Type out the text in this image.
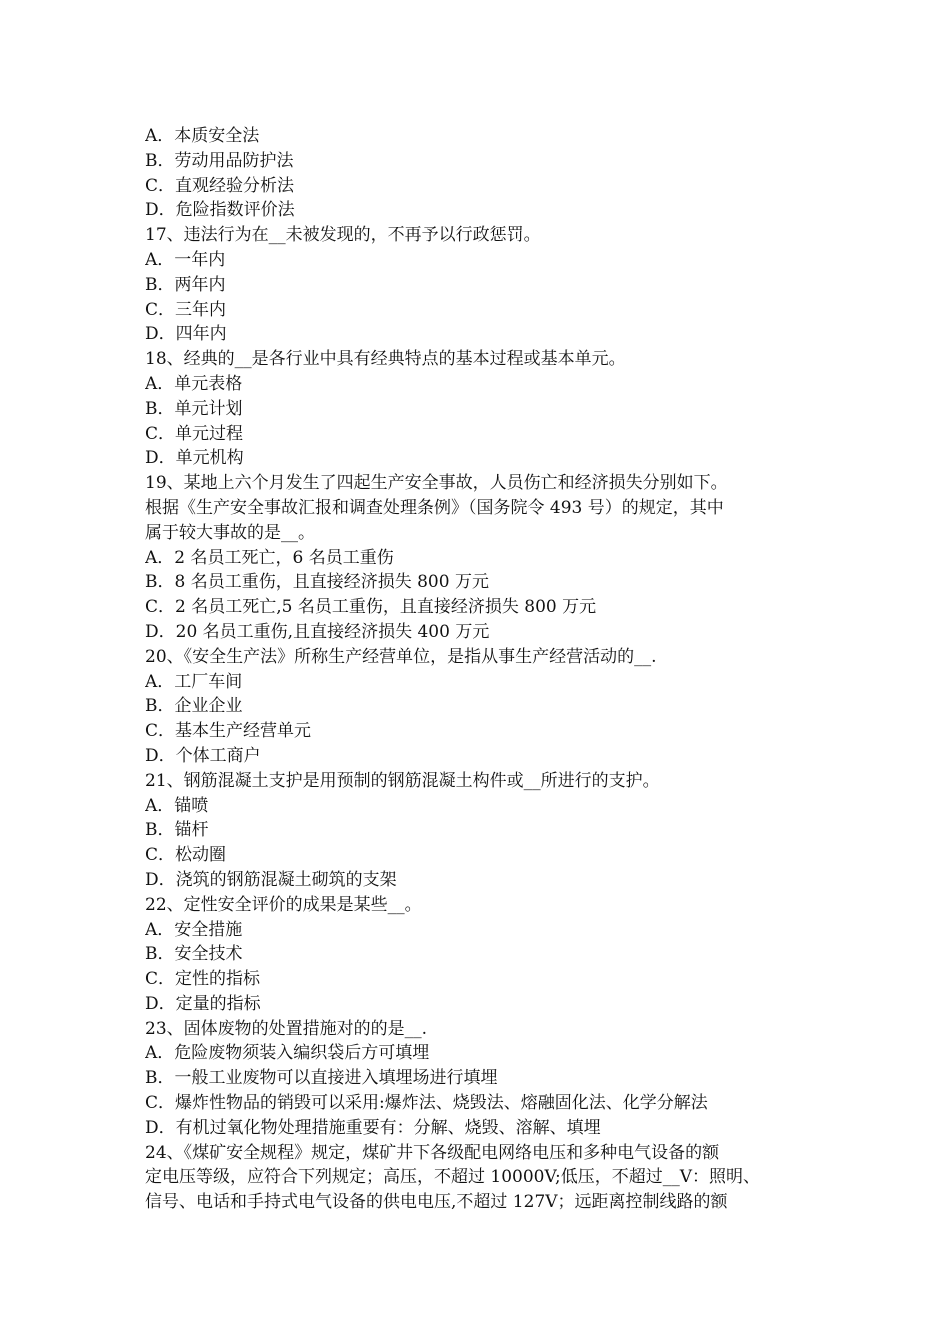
A．本质安全法
B．劳动用品防护法
C．直观经验分析法
D．危险指数评价法
17、违法行为在__未被发现的，不再予以行政惩罚。
A．一年内
B．两年内
C．三年内
D．四年内
18、经典的__是各行业中具有经典特点的基本过程或基本单元。
A．单元表格
B．单元计划
C．单元过程
D．单元机构
19、某地上六个月发生了四起生产安全事故，人员伤亡和经济损失分别如下。
根据《生产安全事故汇报和调查处理条例》（国务院令 493 号）的规定，其中
属于较大事故的是__。
A．2 名员工死亡，6 名员工重伤
B．8 名员工重伤，且直接经济损失 800 万元
C．2 名员工死亡,5 名员工重伤，且直接经济损失 800 万元
D．20 名员工重伤,且直接经济损失 400 万元
20、《安全生产法》所称生产经营单位，是指从事生产经营活动的__.
A．工厂车间
B．企业企业
C．基本生产经营单元
D．个体工商户
21、钢筋混凝土支护是用预制的钢筋混凝土构件或__所进行的支护。
A．锚喷
B．锚杆
C．松动圈
D．浇筑的钢筋混凝土砌筑的支架
22、定性安全评价的成果是某些__。
A．安全措施
B．安全技术
C．定性的指标
D．定量的指标
23、固体废物的处置措施对的的是__.
A．危险废物须装入编织袋后方可填埋
B．一般工业废物可以直接进入填埋场进行填埋
C．爆炸性物品的销毁可以采用:爆炸法、烧毁法、熔融固化法、化学分解法
D．有机过氧化物处理措施重要有：分解、烧毁、溶解、填埋
24、《煤矿安全规程》规定，煤矿井下各级配电网络电压和多种电气设备的额
定电压等级，应符合下列规定；高压，不超过 10000V;低压，不超过__V：照明、
信号、电话和手持式电气设备的供电电压,不超过 127V；远距离控制线路的额
